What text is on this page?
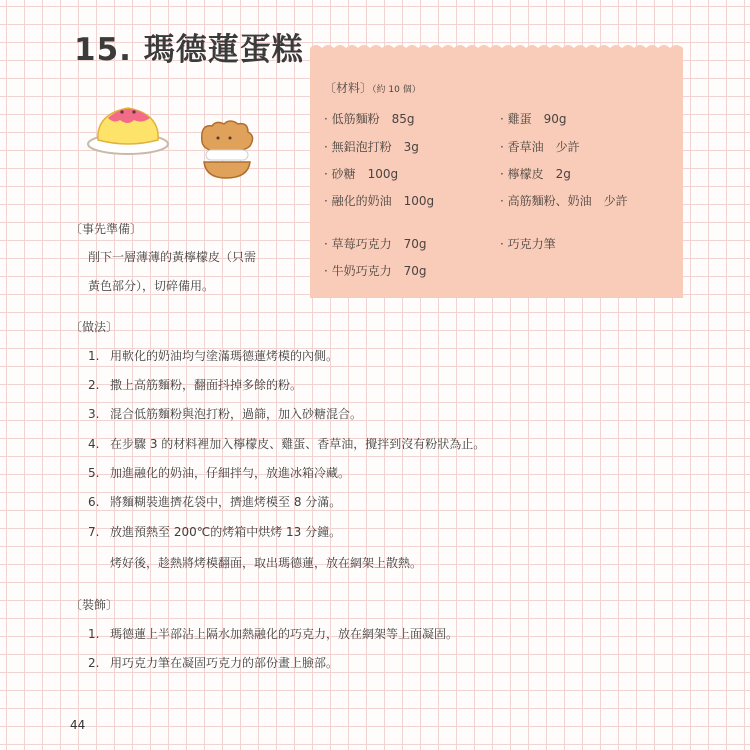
15. 瑪德蓮蛋糕
〔材料〕（約 10 個）
· 低筋麵粉 85g
· 無鋁泡打粉 3g
· 砂糖 100g
· 融化的奶油 100g
· 草莓巧克力 70g
· 牛奶巧克力 70g
· 雞蛋 90g
· 香草油 少許
· 檸檬皮 2g
· 高筋麵粉、奶油 少許
· 巧克力筆
〔事先準備〕
削下一層薄薄的黃檸檬皮（只需
黃色部分），切碎備用。
〔做法〕
1. 用軟化的奶油均勻塗滿瑪德蓮烤模的內側。
2. 撒上高筋麵粉，翻面抖掉多餘的粉。
3. 混合低筋麵粉與泡打粉，過篩，加入砂糖混合。
4. 在步驟 3 的材料裡加入檸檬皮、雞蛋、香草油，攪拌到沒有粉狀為止。
5. 加進融化的奶油，仔細拌勻，放進冰箱冷藏。
6. 將麵糊裝進擠花袋中，擠進烤模至 8 分滿。
7. 放進預熱至 200℃的烤箱中烘烤 13 分鐘。
烤好後，趁熱將烤模翻面，取出瑪德蓮，放在網架上散熱。
〔裝飾〕
1. 瑪德蓮上半部沾上隔水加熱融化的巧克力，放在網架等上面凝固。
2. 用巧克力筆在凝固巧克力的部份畫上臉部。
44
